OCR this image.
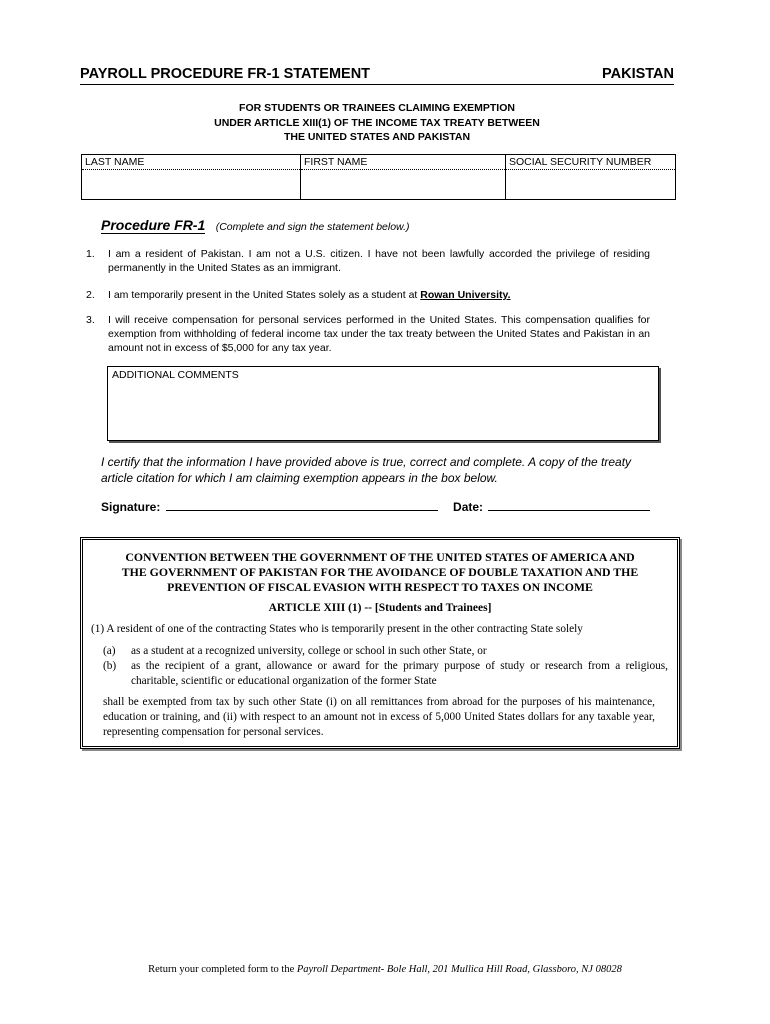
PAYROLL PROCEDURE FR-1 STATEMENT	PAKISTAN
FOR STUDENTS OR TRAINEES CLAIMING EXEMPTION
UNDER ARTICLE XIII(1) OF THE INCOME TAX TREATY BETWEEN
THE UNITED STATES AND PAKISTAN
LAST NAME	FIRST NAME	SOCIAL SECURITY NUMBER
Procedure FR-1 (Complete and sign the statement below.)
1. I am a resident of Pakistan. I am not a U.S. citizen. I have not been lawfully accorded the privilege of residing permanently in the United States as an immigrant.
2. I am temporarily present in the United States solely as a student at Rowan University.
3. I will receive compensation for personal services performed in the United States. This compensation qualifies for exemption from withholding of federal income tax under the tax treaty between the United States and Pakistan in an amount not in excess of $5,000 for any tax year.
ADDITIONAL COMMENTS
I certify that the information I have provided above is true, correct and complete. A copy of the treaty article citation for which I am claiming exemption appears in the box below.
Signature:	Date:
CONVENTION BETWEEN THE GOVERNMENT OF THE UNITED STATES OF AMERICA AND
THE GOVERNMENT OF PAKISTAN FOR THE AVOIDANCE OF DOUBLE TAXATION AND THE
PREVENTION OF FISCAL EVASION WITH RESPECT TO TAXES ON INCOME
ARTICLE XIII (1) -- [Students and Trainees]
(1) A resident of one of the contracting States who is temporarily present in the other contracting State solely
(a) as a student at a recognized university, college or school in such other State, or
(b) as the recipient of a grant, allowance or award for the primary purpose of study or research from a religious, charitable, scientific or educational organization of the former State
shall be exempted from tax by such other State (i) on all remittances from abroad for the purposes of his maintenance, education or training, and (ii) with respect to an amount not in excess of 5,000 United States dollars for any taxable year, representing compensation for personal services.
Return your completed form to the Payroll Department- Bole Hall, 201 Mullica Hill Road, Glassboro, NJ 08028
